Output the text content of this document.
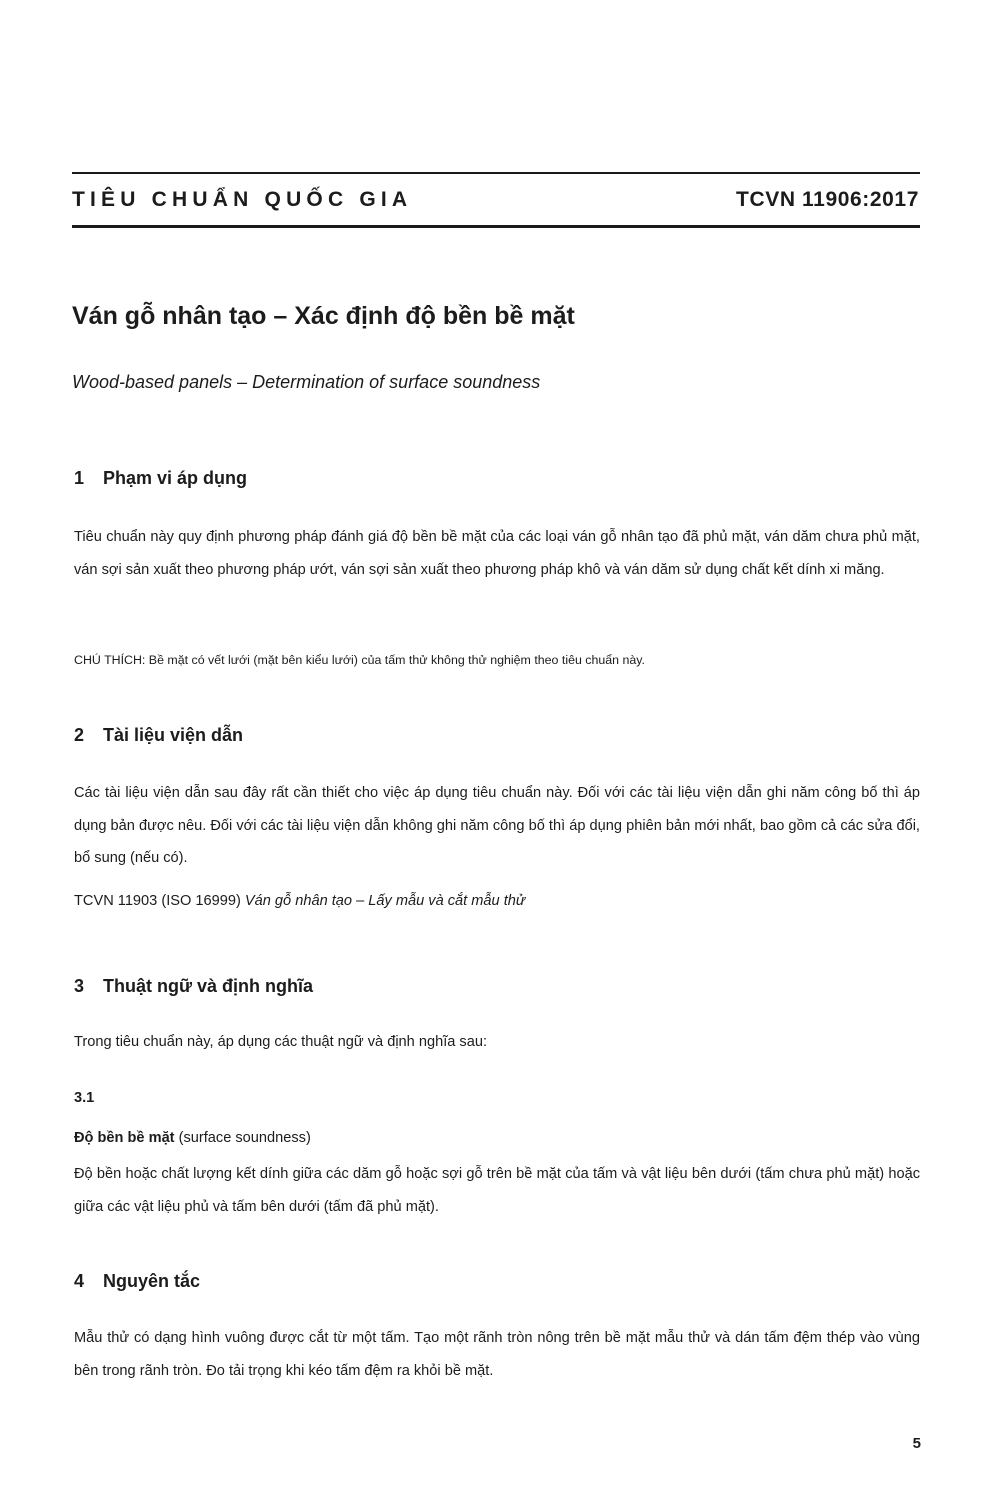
TIÊU CHUẨN QUỐC GIA	TCVN 11906:2017
Ván gỗ nhân tạo – Xác định độ bền bề mặt
Wood-based panels – Determination of surface soundness
1 Phạm vi áp dụng
Tiêu chuẩn này quy định phương pháp đánh giá độ bền bề mặt của các loại ván gỗ nhân tạo đã phủ mặt, ván dăm chưa phủ mặt, ván sợi sản xuất theo phương pháp ướt, ván sợi sản xuất theo phương pháp khô và ván dăm sử dụng chất kết dính xi măng.
CHÚ THÍCH: Bề mặt có vết lưới (mặt bên kiểu lưới) của tấm thử không thử nghiệm theo tiêu chuẩn này.
2 Tài liệu viện dẫn
Các tài liệu viện dẫn sau đây rất cần thiết cho việc áp dụng tiêu chuẩn này. Đối với các tài liệu viện dẫn ghi năm công bố thì áp dụng bản được nêu. Đối với các tài liệu viện dẫn không ghi năm công bố thì áp dụng phiên bản mới nhất, bao gồm cả các sửa đổi, bổ sung (nếu có).
TCVN 11903 (ISO 16999) Ván gỗ nhân tạo – Lấy mẫu và cắt mẫu thử
3 Thuật ngữ và định nghĩa
Trong tiêu chuẩn này, áp dụng các thuật ngữ và định nghĩa sau:
3.1
Độ bền bề mặt (surface soundness)
Độ bền hoặc chất lượng kết dính giữa các dăm gỗ hoặc sợi gỗ trên bề mặt của tấm và vật liệu bên dưới (tấm chưa phủ mặt) hoặc giữa các vật liệu phủ và tấm bên dưới (tấm đã phủ mặt).
4 Nguyên tắc
Mẫu thử có dạng hình vuông được cắt từ một tấm. Tạo một rãnh tròn nông trên bề mặt mẫu thử và dán tấm đệm thép vào vùng bên trong rãnh tròn. Đo tải trọng khi kéo tấm đệm ra khỏi bề mặt.
5
